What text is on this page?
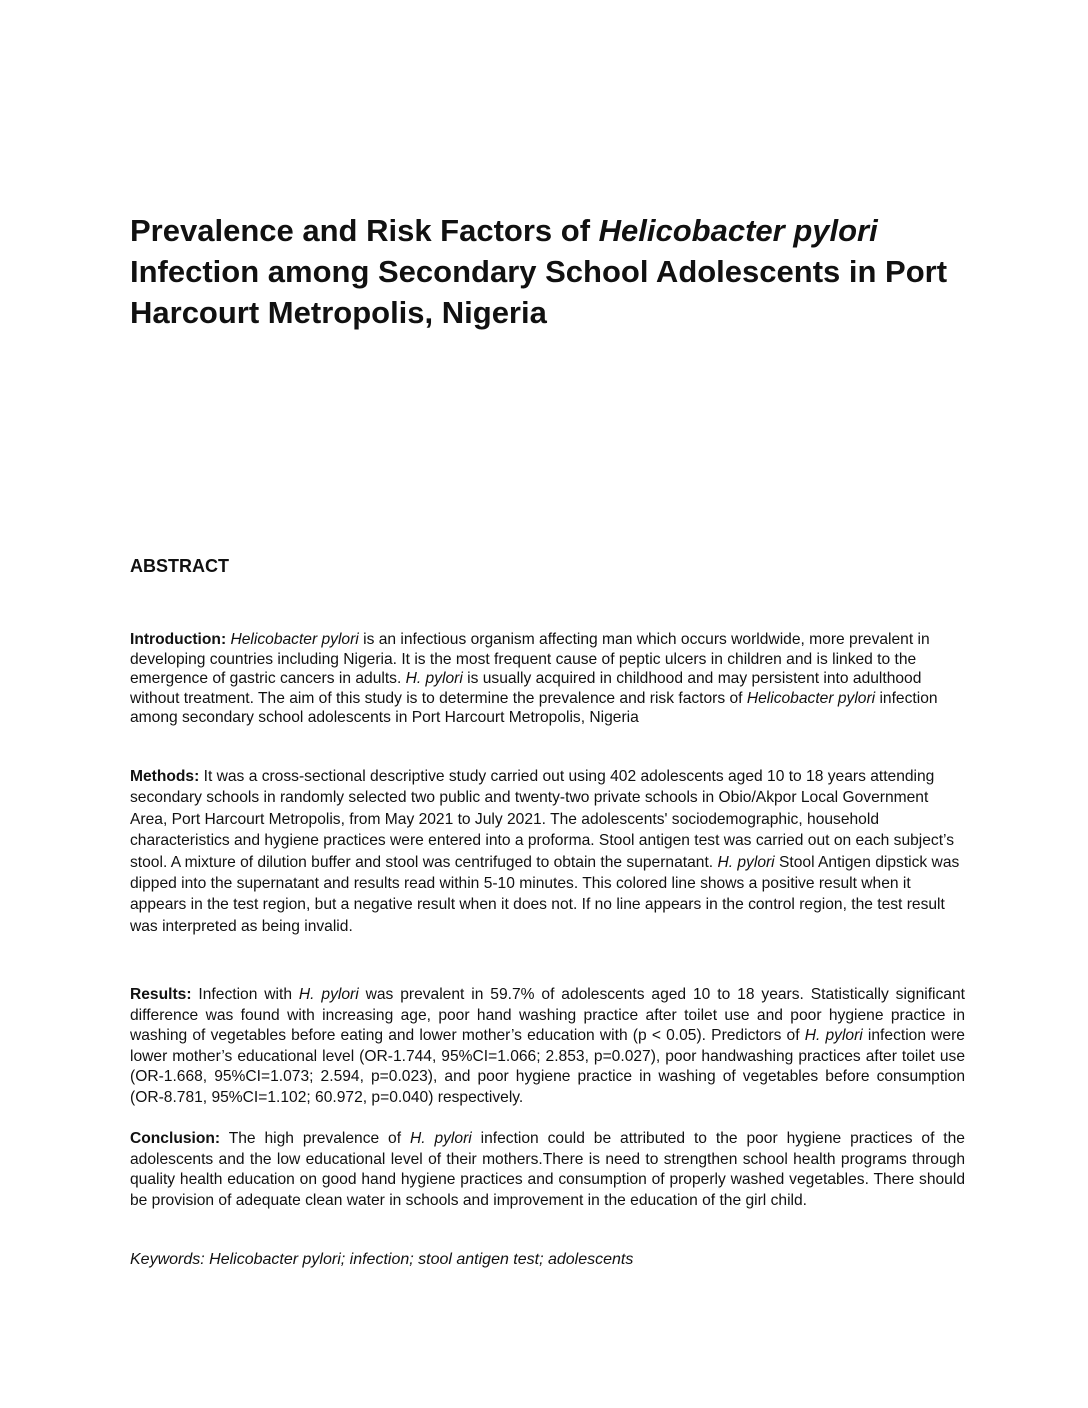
Prevalence and Risk Factors of Helicobacter pylori Infection among Secondary School Adolescents in Port Harcourt Metropolis, Nigeria
ABSTRACT

Introduction: Helicobacter pylori is an infectious organism affecting man which occurs worldwide, more prevalent in developing countries including Nigeria. It is the most frequent cause of peptic ulcers in children and is linked to the emergence of gastric cancers in adults. H. pylori is usually acquired in childhood and may persistent into adulthood without treatment. The aim of this study is to determine the prevalence and risk factors of Helicobacter pylori infection among secondary school adolescents in Port Harcourt Metropolis, Nigeria

Methods: It was a cross-sectional descriptive study carried out using 402 adolescents aged 10 to 18 years attending secondary schools in randomly selected two public and twenty-two private schools in Obio/Akpor Local Government Area, Port Harcourt Metropolis, from May 2021 to July 2021. The adolescents' sociodemographic, household characteristics and hygiene practices were entered into a proforma. Stool antigen test was carried out on each subject’s stool. A mixture of dilution buffer and stool was centrifuged to obtain the supernatant. H. pylori Stool Antigen dipstick was dipped into the supernatant and results read within 5-10 minutes. This colored line shows a positive result when it appears in the test region, but a negative result when it does not. If no line appears in the control region, the test result was interpreted as being invalid.

Results: Infection with H. pylori was prevalent in 59.7% of adolescents aged 10 to 18 years. Statistically significant difference was found with increasing age, poor hand washing practice after toilet use and poor hygiene practice in washing of vegetables before eating and lower mother’s education with (p < 0.05). Predictors of H. pylori infection were lower mother’s educational level (OR-1.744, 95%CI=1.066; 2.853, p=0.027), poor handwashing practices after toilet use (OR-1.668, 95%CI=1.073; 2.594, p=0.023), and poor hygiene practice in washing of vegetables before consumption (OR-8.781, 95%CI=1.102; 60.972, p=0.040) respectively.

Conclusion: The high prevalence of H. pylori infection could be attributed to the poor hygiene practices of the adolescents and the low educational level of their mothers.There is need to strengthen school health programs through quality health education on good hand hygiene practices and consumption of properly washed vegetables. There should be provision of adequate clean water in schools and improvement in the education of the girl child.

Keywords: Helicobacter pylori; infection; stool antigen test; adolescents
